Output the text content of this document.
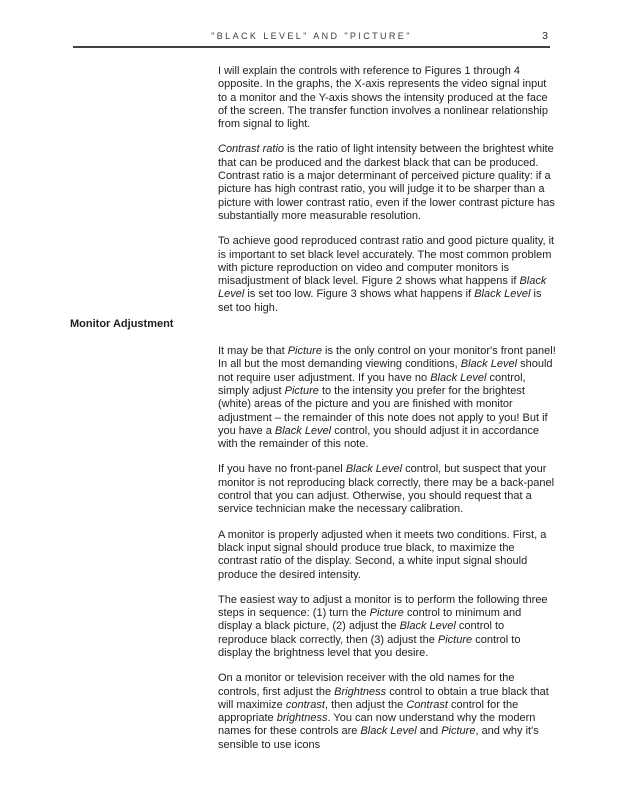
"BLACK LEVEL" AND "PICTURE"	3
Monitor Adjustment

I will explain the controls with reference to Figures 1 through 4 opposite. In the graphs, the X-axis represents the video signal input to a monitor and the Y-axis shows the intensity produced at the face of the screen. The transfer function involves a nonlinear relationship from signal to light.

Contrast ratio is the ratio of light intensity between the brightest white that can be produced and the darkest black that can be produced. Contrast ratio is a major determinant of perceived picture quality: if a picture has high contrast ratio, you will judge it to be sharper than a picture with lower contrast ratio, even if the lower contrast picture has substantially more measurable resolution.

To achieve good reproduced contrast ratio and good picture quality, it is important to set black level accurately. The most common problem with picture reproduction on video and computer monitors is misadjustment of black level. Figure 2 shows what happens if Black Level is set too low. Figure 3 shows what happens if Black Level is set too high.

It may be that Picture is the only control on your monitor's front panel! In all but the most demanding viewing conditions, Black Level should not require user adjustment. If you have no Black Level control, simply adjust Picture to the intensity you prefer for the brightest (white) areas of the picture and you are finished with monitor adjustment – the remainder of this note does not apply to you! But if you have a Black Level control, you should adjust it in accordance with the remainder of this note.

If you have no front-panel Black Level control, but suspect that your monitor is not reproducing black correctly, there may be a back-panel control that you can adjust. Otherwise, you should request that a service technician make the necessary calibration.

A monitor is properly adjusted when it meets two conditions. First, a black input signal should produce true black, to maximize the contrast ratio of the display. Second, a white input signal should produce the desired intensity.

The easiest way to adjust a monitor is to perform the following three steps in sequence: (1) turn the Picture control to minimum and display a black picture, (2) adjust the Black Level control to reproduce black correctly, then (3) adjust the Picture control to display the brightness level that you desire.

On a monitor or television receiver with the old names for the controls, first adjust the Brightness control to obtain a true black that will maximize contrast, then adjust the Contrast control for the appropriate brightness. You can now understand why the modern names for these controls are Black Level and Picture, and why it's sensible to use icons
